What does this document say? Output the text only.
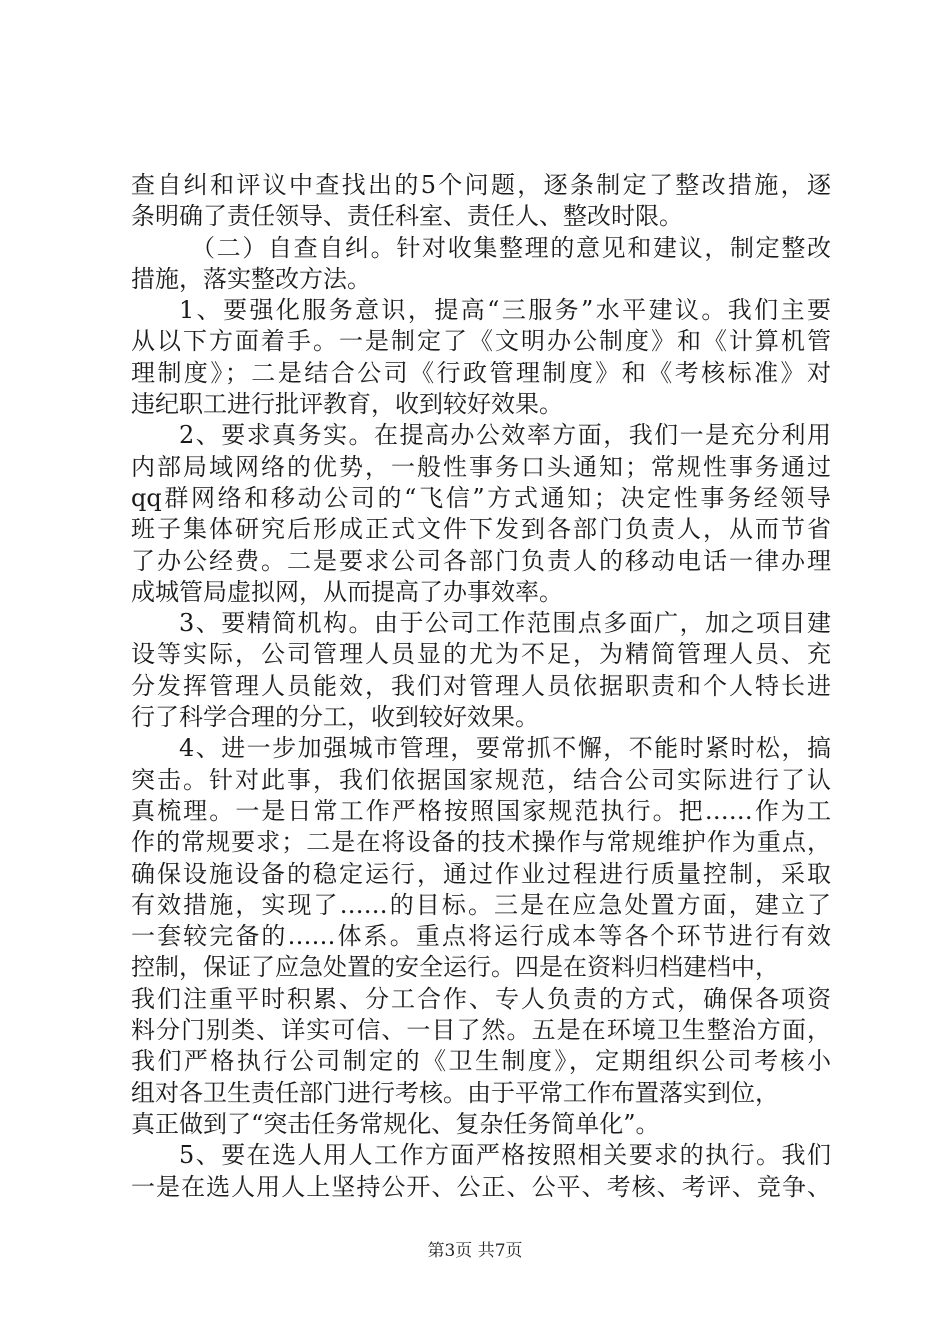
查自纠和评议中查找出的5个问题，逐条制定了整改措施，逐
条明确了责任领导、责任科室、责任人、整改时限。
（二）自查自纠。针对收集整理的意见和建议，制定整改
措施，落实整改方法。
1、要强化服务意识，提高“三服务”水平建议。我们主要
从以下方面着手。一是制定了《文明办公制度》和《计算机管
理制度》；二是结合公司《行政管理制度》和《考核标准》对
违纪职工进行批评教育，收到较好效果。
2、要求真务实。在提高办公效率方面，我们一是充分利用
内部局域网络的优势，一般性事务口头通知；常规性事务通过
qq群网络和移动公司的“飞信”方式通知；决定性事务经领导
班子集体研究后形成正式文件下发到各部门负责人，从而节省
了办公经费。二是要求公司各部门负责人的移动电话一律办理
成城管局虚拟网，从而提高了办事效率。
3、要精简机构。由于公司工作范围点多面广，加之项目建
设等实际，公司管理人员显的尤为不足，为精简管理人员、充
分发挥管理人员能效，我们对管理人员依据职责和个人特长进
行了科学合理的分工，收到较好效果。
4、进一步加强城市管理，要常抓不懈，不能时紧时松，搞
突击。针对此事，我们依据国家规范，结合公司实际进行了认
真梳理。一是日常工作严格按照国家规范执行。把……作为工
作的常规要求；二是在将设备的技术操作与常规维护作为重点，
确保设施设备的稳定运行，通过作业过程进行质量控制，采取
有效措施，实现了……的目标。三是在应急处置方面，建立了
一套较完备的……体系。重点将运行成本等各个环节进行有效
控制，保证了应急处置的安全运行。四是在资料归档建档中，
我们注重平时积累、分工合作、专人负责的方式，确保各项资
料分门别类、详实可信、一目了然。五是在环境卫生整治方面，
我们严格执行公司制定的《卫生制度》，定期组织公司考核小
组对各卫生责任部门进行考核。由于平常工作布置落实到位，
真正做到了“突击任务常规化、复杂任务简单化”。
5、要在选人用人工作方面严格按照相关要求的执行。我们
一是在选人用人上坚持公开、公正、公平、考核、考评、竞争、
第3页 共7页
